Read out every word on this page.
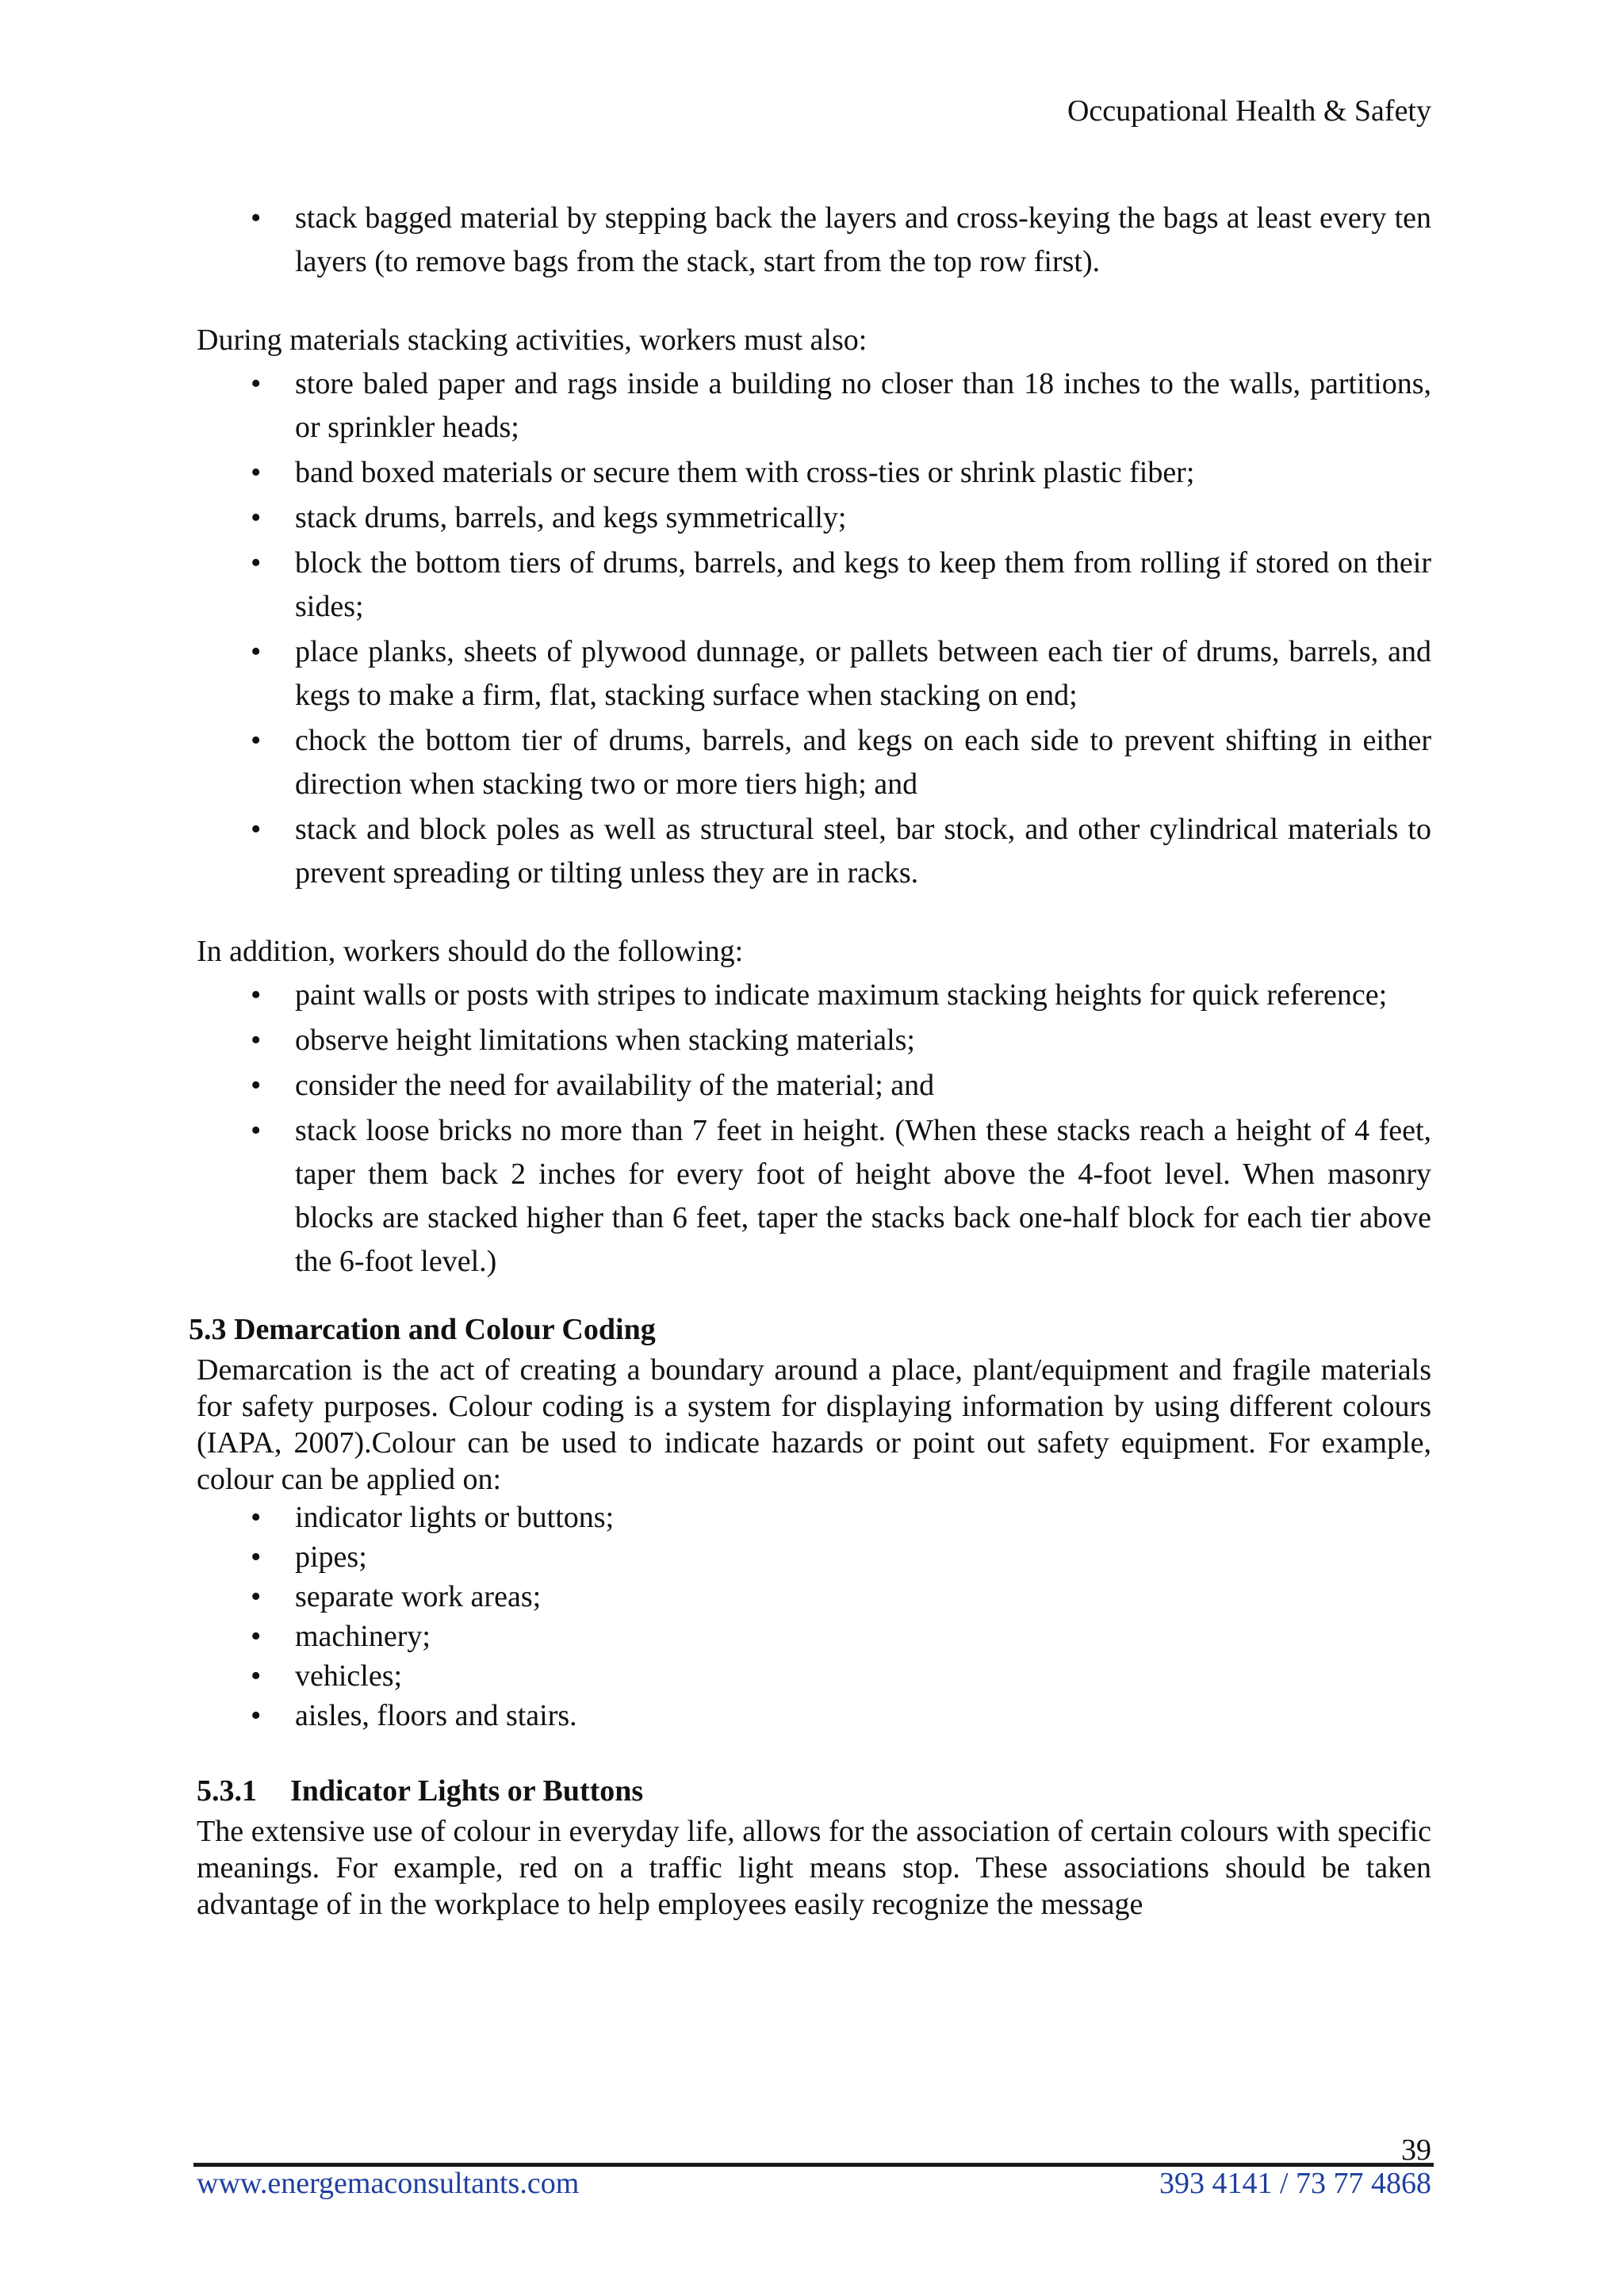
Occupational Health & Safety
• stack bagged material by stepping back the layers and cross-keying the bags at least every ten layers (to remove bags from the stack, start from the top row first).

During materials stacking activities, workers must also:

• store baled paper and rags inside a building no closer than 18 inches to the walls, partitions, or sprinkler heads;
• band boxed materials or secure them with cross-ties or shrink plastic fiber;
• stack drums, barrels, and kegs symmetrically;
• block the bottom tiers of drums, barrels, and kegs to keep them from rolling if stored on their sides;
• place planks, sheets of plywood dunnage, or pallets between each tier of drums, barrels, and kegs to make a firm, flat, stacking surface when stacking on end;
• chock the bottom tier of drums, barrels, and kegs on each side to prevent shifting in either direction when stacking two or more tiers high; and
• stack and block poles as well as structural steel, bar stock, and other cylindrical materials to prevent spreading or tilting unless they are in racks.

In addition, workers should do the following:

• paint walls or posts with stripes to indicate maximum stacking heights for quick reference;
• observe height limitations when stacking materials;
• consider the need for availability of the material; and
• stack loose bricks no more than 7 feet in height. (When these stacks reach a height of 4 feet, taper them back 2 inches for every foot of height above the 4-foot level. When masonry blocks are stacked higher than 6 feet, taper the stacks back one-half block for each tier above the 6-foot level.)
5.3 Demarcation and Colour Coding

Demarcation is the act of creating a boundary around a place, plant/equipment and fragile materials for safety purposes. Colour coding is a system for displaying information by using different colours (IAPA, 2007).Colour can be used to indicate hazards or point out safety equipment. For example, colour can be applied on:

• indicator lights or buttons;
• pipes;
• separate work areas;
• machinery;
• vehicles;
• aisles, floors and stairs.
5.3.1 Indicator Lights or Buttons

The extensive use of colour in everyday life, allows for the association of certain colours with specific meanings. For example, red on a traffic light means stop. These associations should be taken advantage of in the workplace to help employees easily recognize the message

39
www.energemaconsultants.com	393 4141 / 73 77 4868
